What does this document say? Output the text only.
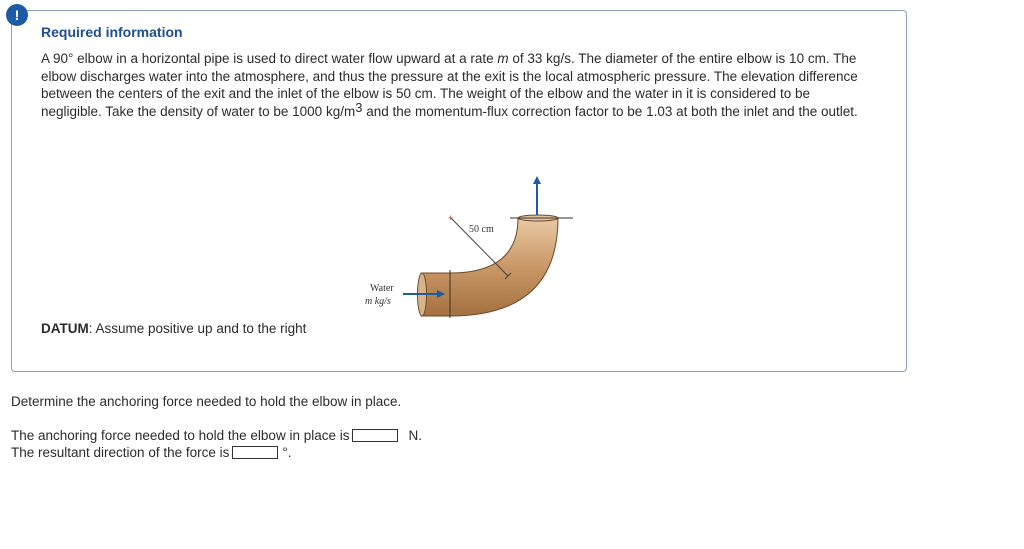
!
Required information
A 90° elbow in a horizontal pipe is used to direct water flow upward at a rate m of 33 kg/s. The diameter of the entire elbow is 10 cm. The elbow discharges water into the atmosphere, and thus the pressure at the exit is the local atmospheric pressure. The elevation difference between the centers of the exit and the inlet of the elbow is 50 cm. The weight of the elbow and the water in it is considered to be negligible. Take the density of water to be 1000 $kg/m^3$ and the momentum-flux correction factor to be 1.03 at both the inlet and the outlet.
+
50 cm
Water
m kg/s
DATUM: Assume positive up and to the right
Determine the anchoring force needed to hold the elbow in place.
The anchoring force needed to hold the elbow in place is	N.
The resultant direction of the force is	°.
